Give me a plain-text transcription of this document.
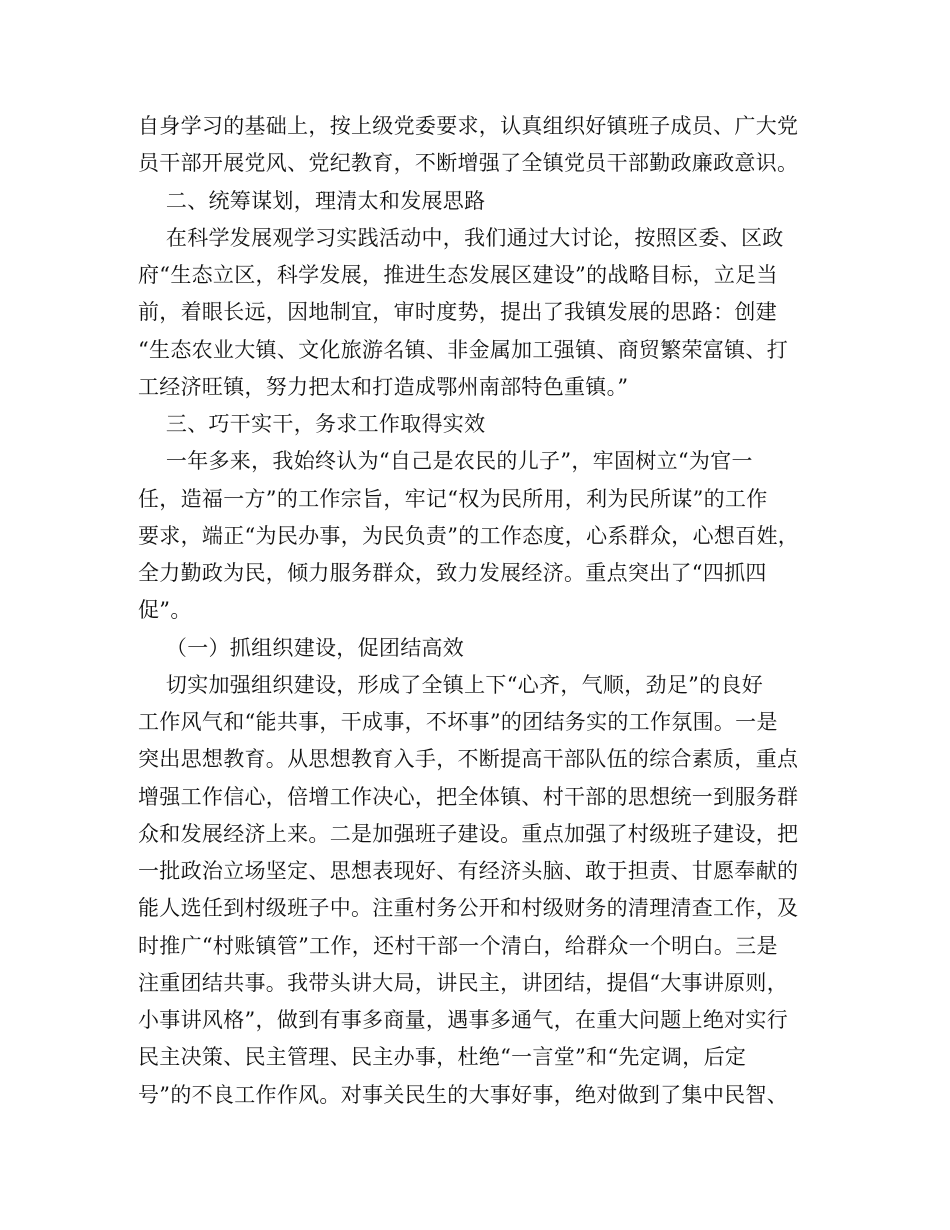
自身学习的基础上，按上级党委要求，认真组织好镇班子成员、广大党
员干部开展党风、党纪教育，不断增强了全镇党员干部勤政廉政意识。
二、统筹谋划，理清太和发展思路
在科学发展观学习实践活动中，我们通过大讨论，按照区委、区政
府“生态立区，科学发展，推进生态发展区建设”的战略目标，立足当
前，着眼长远，因地制宜，审时度势，提出了我镇发展的思路：创建
“生态农业大镇、文化旅游名镇、非金属加工强镇、商贸繁荣富镇、打
工经济旺镇，努力把太和打造成鄂州南部特色重镇。”
三、巧干实干，务求工作取得实效
一年多来，我始终认为“自己是农民的儿子”，牢固树立“为官一
任，造福一方”的工作宗旨，牢记“权为民所用，利为民所谋”的工作
要求，端正“为民办事，为民负责”的工作态度，心系群众，心想百姓，
全力勤政为民，倾力服务群众，致力发展经济。重点突出了“四抓四
促”。
（一）抓组织建设，促团结高效
切实加强组织建设，形成了全镇上下“心齐，气顺，劲足”的良好
工作风气和“能共事，干成事，不坏事”的团结务实的工作氛围。一是
突出思想教育。从思想教育入手，不断提高干部队伍的综合素质，重点
增强工作信心，倍增工作决心，把全体镇、村干部的思想统一到服务群
众和发展经济上来。二是加强班子建设。重点加强了村级班子建设，把
一批政治立场坚定、思想表现好、有经济头脑、敢于担责、甘愿奉献的
能人选任到村级班子中。注重村务公开和村级财务的清理清查工作，及
时推广“村账镇管”工作，还村干部一个清白，给群众一个明白。三是
注重团结共事。我带头讲大局，讲民主，讲团结，提倡“大事讲原则，
小事讲风格”，做到有事多商量，遇事多通气，在重大问题上绝对实行
民主决策、民主管理、民主办事，杜绝“一言堂”和“先定调，后定
号”的不良工作作风。对事关民生的大事好事，绝对做到了集中民智、
